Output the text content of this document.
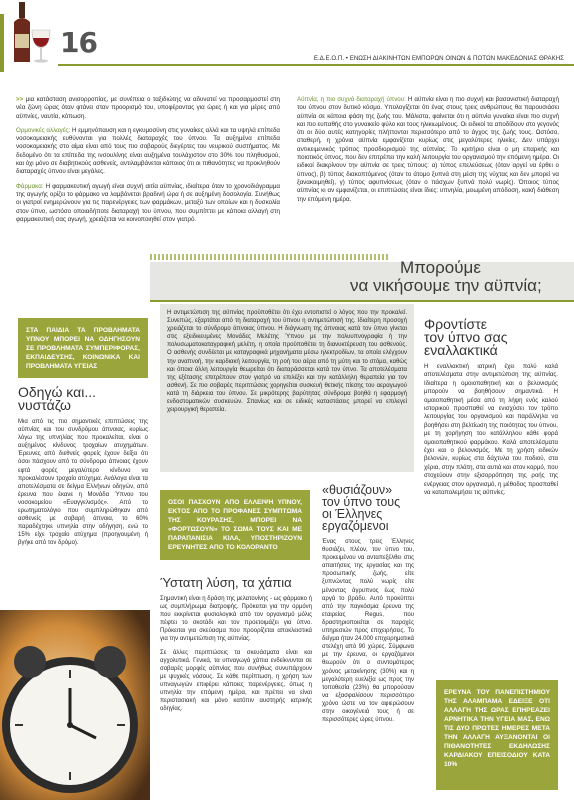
16	Ε.Δ.Ε.Ο.Π. • ΕΝΩΣΗ ΔΙΑΚΙΝΗΤΩΝ ΕΜΠΟΡΩΝ ΟΙΝΩΝ & ΠΟΤΩΝ ΜΑΚΕΔΟΝΙΑΣ ΘΡΑΚΗΣ

>> μια κατάσταση ανισορροπίας, με συνέπεια ο ταξιδιώτης να αδυνατεί να προσαρμοστεί στη νέα ζώνη ώρας όταν φτάνει σταν προορισμό του, υποφέροντας για ώρες ή και για μέρες από αϋπνίες, ναυτία, κόπωση.

Ορμονικές αλλαγές: Η εμμηνόπαυση και η εγκυμοσύνη στις γυναίκες αλλά και τα υψηλά επίπεδα νοσοκομειακής ευθύνονται για πολλές διαταραχές του ύπνου. Τα αυξημένα επίπεδα νοσοκομειακής στο αίμα είναι από τους πιο σοβαρούς διεγέρτες του νευρικού συστήματος. Με δεδομένο ότι τα επίπεδα της ινσουλίνης είναι αυξημένα τουλάχιστον στο 30% του πληθυσμού, και όχι μόνο σε διαβητικούς ασθενείς, αντιλαμβάνεται κάποιος ότι οι πιθανότητες να προκληθούν διαταραχές ύπνου είναι μεγάλες.

Φάρμακα: Η φαρμακευτική αγωγή είναι συχνή αιτία αϋπνίας, ιδιαίτερα όταν το χρονοδιάγραμμα της αγωγής ορίζει το φάρμακο να λαμβάνεται βραδινή ώρα ή σε αυξημένη δοσολογία. Συνήθως οι γιατροί ενημερώνουν για τις παρενέργειες των φαρμάκων, μεταξύ των οποίων και η δυσκολία στον ύπνο, ωστόσο οποιαδήποτε διαταραχή του ύπνου, που συμπίπτει με κάποια αλλαγή στη φαρμακευτική σας αγωγή, χρειάζεται να κοινοποιηθεί στον γιατρό.

Αϋπνία, η πιο συχνά διαταραχή ύπνου: Η αϋπνία είναι η πιο συχνή και βασανιστική διαταραχή του ύπνου στον δυτικό κόσμο. Υπολογίζεται ότι ένας στους τρεις ανθρώπους θα παρουσιάσει αϋπνία σε κάποια φάση της ζωής του. Μάλιστα, φαίνεται ότι η αϋπνία γυναίκα είναι πιο συχνή και πιο ευπαθής στο γυναικείο φύλο και τους ηλικιωμένους. Οι ειδικοί τα αποδίδουν στο γεγονός ότι οι δύο αυτές κατηγορίες πλήττονται περισσότερο από το άγχος της ζωής τους. Ωστόσο, σταθερή, η χρόνια αϋπνία εμφανίζεται κυρίως στις μεγαλύτερες ηλικίες. Δεν υπάρχει αντικειμενικός τρόπος προσδιορισμού της αϋπνίας. Το κριτήριο είναι ο μη επαρκής και ποιοτικός ύπνος, που δεν επιτρέπει την καλή λειτουργία του οργανισμού την επόμενη ημέρα. Οι ειδικοί διακρίνουν την αϋπνία σε τρεις τύπους: α) τύπος επελεύσεως (όταν αργεί να έρθει ο ύπνος), β) τύπος διακοπτόμενος (όταν το άτομο ξυπνά στη μέση της νύχτας και δεν μπορεί να ξανακοιμηθεί), γ) τύπος αφυπνίσεως (όταν ο πάσχων ξυπνά πολύ νωρίς). Όποιος τύπος αϋπνίας κι αν εμφανίζεται, οι επιπτώσεις είναι ίδιες: υπνηλία, μειωμένη απόδοση, κακή διάθεση την επόμενη ημέρα.

Μπορούμε
να νικήσουμε την αϋπνία;

ΣΤΑ ΠΑΙΔΙΑ ΤΑ ΠΡΟΒΛΗΜΑΤΑ ΥΠΝΟΥ ΜΠΟΡΕΙ ΝΑ ΟΔΗΓΗΣΟΥΝ ΣΕ ΠΡΟΒΛΗΜΑΤΑ ΣΥΜΠΕΡΙΦΟΡΑΣ, ΕΚΠΑΙΔΕΥΣΗΣ, ΚΟΙΝΩΝΙΚΑ ΚΑΙ ΠΡΟΒΛΗΜΑΤΑ ΥΓΕΙΑΣ

Η αντιμετώπιση της αϋπνίας προϋποθέτει ότι έχει εντοπιστεί ο λόγος που την προκαλεί. Συνεπώς, εξαρτάται από τη διαταραχή του ύπνου η αντιμετώπισή της. Ιδιαίτερη προσοχή χρειάζεται το σύνδρομο άπνοιας ύπνου. Η διάγνωση της άπνοιας κατά τον ύπνο γίνεται στις εξειδικευμένες Μονάδες Μελέτης Ύπνου με την πολυυπνογραφία ή την πολυσωματοκαταγραφική μελέτη, η οποία προϋποθέτει τη διανυκτέρευση του ασθενούς. Ο ασθενής συνδέεται με καταγραφικά μηχανήματα μέσω ηλεκτροδίων, τα οποία ελέγχουν την αναπνοή, την καρδιακή λειτουργία, τη ροή του αέρα από τη μύτη και το στόμα, καθώς και όποια άλλη λειτουργία θεωρείται ότι διαταράσσεται κατά τον ύπνο. Τα αποτελέσματα της εξέτασης επιτρέπουν στον γιατρό να επιλέξει και την κατάλληλη θεραπεία για τον ασθενή. Σε πιο σοβαρές περιπτώσεις χορηγείται συσκευή θετικής πίεσης του αεραγωγού κατά τη διάρκεια του ύπνου. Σε μικρότερης βαρύτητας σύνδρομα βοηθά η εφαρμογή ενδοστοματικών συσκευών. Σπανίως και σε ειδικές καταστάσεις μπορεί να επιλεγεί χειρουργική θεραπεία.

Φροντίστε
τον ύπνο σας
εναλλακτικά

Η εναλλακτική ιατρική έχει πολύ καλά αποτελέσματα στην αντιμετώπιση της αϋπνίας. Ιδιαίτερα η ομοιοπαθητική και ο βελονισμός μπορούν να βοηθήσουν σημαντικά. Η ομοιοπαθητική μέσα από τη λήψη ενός καλού ιστορικού προσπαθεί να ενισχύσει τον τρόπο λειτουργίας του οργανισμού και παράλληλα να βοηθήσει στη βελτίωση της ποιότητας του ύπνου, με τη χορήγηση του κατάλληλου κάθε φορά ομοιοπαθητικού φαρμάκου. Καλά αποτελέσματα έχει και ο βελονισμός. Με τη χρήση ειδικών βελονών, κυρίως στα δάχτυλα του ποδιού, στα χέρια, στην πλάτη, στα αυτιά και στον κορμό, που στοχεύουν στην εξισορρόπηση της ροής της ενέργειας στον οργανισμό, η μέθοδος προσπαθεί να καταπολεμήσει τις αϋπνίες.

Οδηγώ και... νυστάζω

Μια από τις πιο σημαντικές επιπτώσεις της αϋπνίας και του συνδρόμου άπνοιας, κυρίως λόγω της υπνηλίας που προκαλείται, είναι ο αυξημένος κίνδυνος τροχαίων ατυχημάτων. Έρευνες από διεθνείς φορείς έχουν δείξει ότι όσοι πάσχουν από το σύνδρομο άπνοιας έχουν εφτά φορές μεγαλύτερο κίνδυνο να προκαλέσουν τροχαίο ατύχημα. Ανάλογα είναι τα αποτελέσματα σε δείγμα Ελλήνων οδηγών, από έρευνα που έκανε η Μονάδα Ύπνου του νοσοκομείου «Ευαγγελισμός». Από το ερωτηματολόγιο που συμπληρώθηκαν από ασθενείς με σοβαρή άπνοια, το 60% παραδέχτηκε υπνηλία στην οδήγηση, ενώ το 15% είχε τροχαίο ατύχημα (προηγουμένη ή βγήκε από τον δρόμο).

ΟΣΟΙ ΠΑΣΧΟΥΝ ΑΠΟ ΕΛΛΕΙΨΗ ΥΠΝΟΥ, ΕΚΤΟΣ ΑΠΟ ΤΟ ΠΡΟΦΑΝΕΣ ΣΥΜΠΤΩΜΑ ΤΗΣ ΚΟΥΡΑΣΗΣ, ΜΠΟΡΕΙ ΝΑ «ΦΟΡΤΩΣΟΥΝ» ΤΟ ΣΩΜΑ ΤΟΥΣ ΚΑΙ ΜΕ ΠΑΡΑΠΑΝΙΣΙΑ ΚΙΛΑ, ΥΠΟΣΤΗΡΙΖΟΥΝ ΕΡΕΥΝΗΤΕΣ ΑΠΟ ΤΟ ΚΟΛΟΡΑΝΤΟ

Ύστατη λύση, τα χάπια

Σημαντική είναι η δράση της μελατονίνης - ως φάρμακο ή ως συμπλήρωμα διατροφής. Πρόκειται για την ορμόνη που εκκρίνεται φυσιολογικά από τον οργανισμό μόλις πέφτει το σκοτάδι και τον προετοιμάζει για ύπνο. Πρόκειται για σκεύασμα που προορίζεται αποκλειστικά για την αντιμετώπιση της αϋπνίας.

Σε άλλες περιπτώσεις τα σκευάσματα είναι και αγχολυτικά. Γενικά, τα υπναγωγά χάπια ενδείκνυνται σε σοβαρές μορφές αϋπνίας που συνήθως συνυπάρχουν με ψυχικές νόσους. Σε κάθε περίπτωση, η χρήση των υπναγωγών επιφέρει κάποιες παρενέργειες, όπως η υπνηλία την επόμενη ημέρα, και πρέπει να είναι περιστασιακή και μόνο κατόπιν αυστηρής ιατρικής οδηγίας.

«θυσιάζουν»
τον ύπνο τους
οι Έλληνες
εργαζόμενοι

Ένας στους τρεις Έλληνες θυσιάζει, πλέον, τον ύπνο του, προκειμένου να ανταπεξέλθει στις απαιτήσεις της εργασίας και της προσωπικής ζωής, είτε ξυπνώντας πολύ νωρίς είτε μένοντας άγρυπνος έως πολύ αργά το βράδυ. Αυτό προκύπτει από την παγκόσμια έρευνα της εταιρείας Regus, που δραστηριοποιείται σε παροχές υπηρεσιών προς επιχειρήσεις. Το δείγμα ήταν 24.000 επιχειρηματικά στελέχη από 90 χώρες. Σύμφωνα με την έρευνα, οι εργαζόμενοι θεωρούν ότι ο συντομότερος χρόνος μετακίνησης (30%) και η μεγαλύτερη ευελιξία ως προς την τοποθεσία (23%) θα μπορούσαν να εξασφαλίσουν περισσότερο χρόνο ώστε να τον αφιερώσουν στην οικογένειά τους ή σε περισσότερες ώρες ύπνου.

ΕΡΕΥΝΑ ΤΟΥ ΠΑΝΕΠΙΣΤΗΜΙΟΥ ΤΗΣ ΑΛΑΜΠΑΜΑ ΕΔΕΙΞΕ ΟΤΙ ΑΛΛΑΓΗ ΤΗΣ ΩΡΑΣ ΕΠΗΡΕΑΖΕΙ ΑΡΝΗΤΙΚΑ ΤΗΝ ΥΓΕΙΑ ΜΑΣ, ΕΝΩ ΤΙΣ ΔΥΟ ΠΡΩΤΕΣ ΗΜΕΡΕΣ ΜΕΤΑ ΤΗΝ ΑΛΛΑΓΗ ΑΥΞΑΝΟΝΤΑΙ ΟΙ ΠΙΘΑΝΟΤΗΤΕΣ ΕΚΔΗΛΩΣΗΣ ΚΑΡΔΙΑΚΟΥ ΕΠΕΙΣΟΔΙΟΥ ΚΑΤΑ 10%
